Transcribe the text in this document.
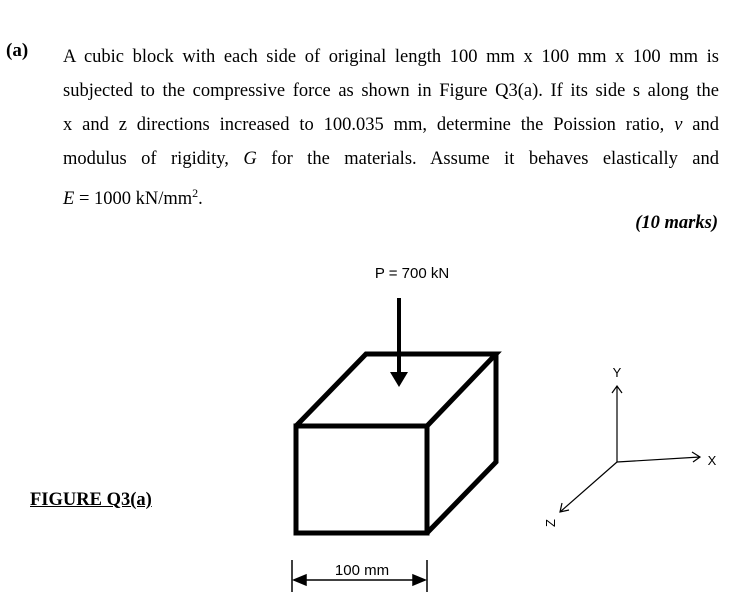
(a) A cubic block with each side of original length 100 mm x 100 mm x 100 mm is
subjected to the compressive force as shown in Figure Q3(a). If its side s along the
x and z directions increased to 100.035 mm, determine the Poission ratio, v and
modulus of rigidity, G for the materials. Assume it behaves elastically and
E = 1000 $kN/mm^2$.
(10 marks)
FIGURE Q3(a)
P = 700 kN
100 mm
Y
X
Z
